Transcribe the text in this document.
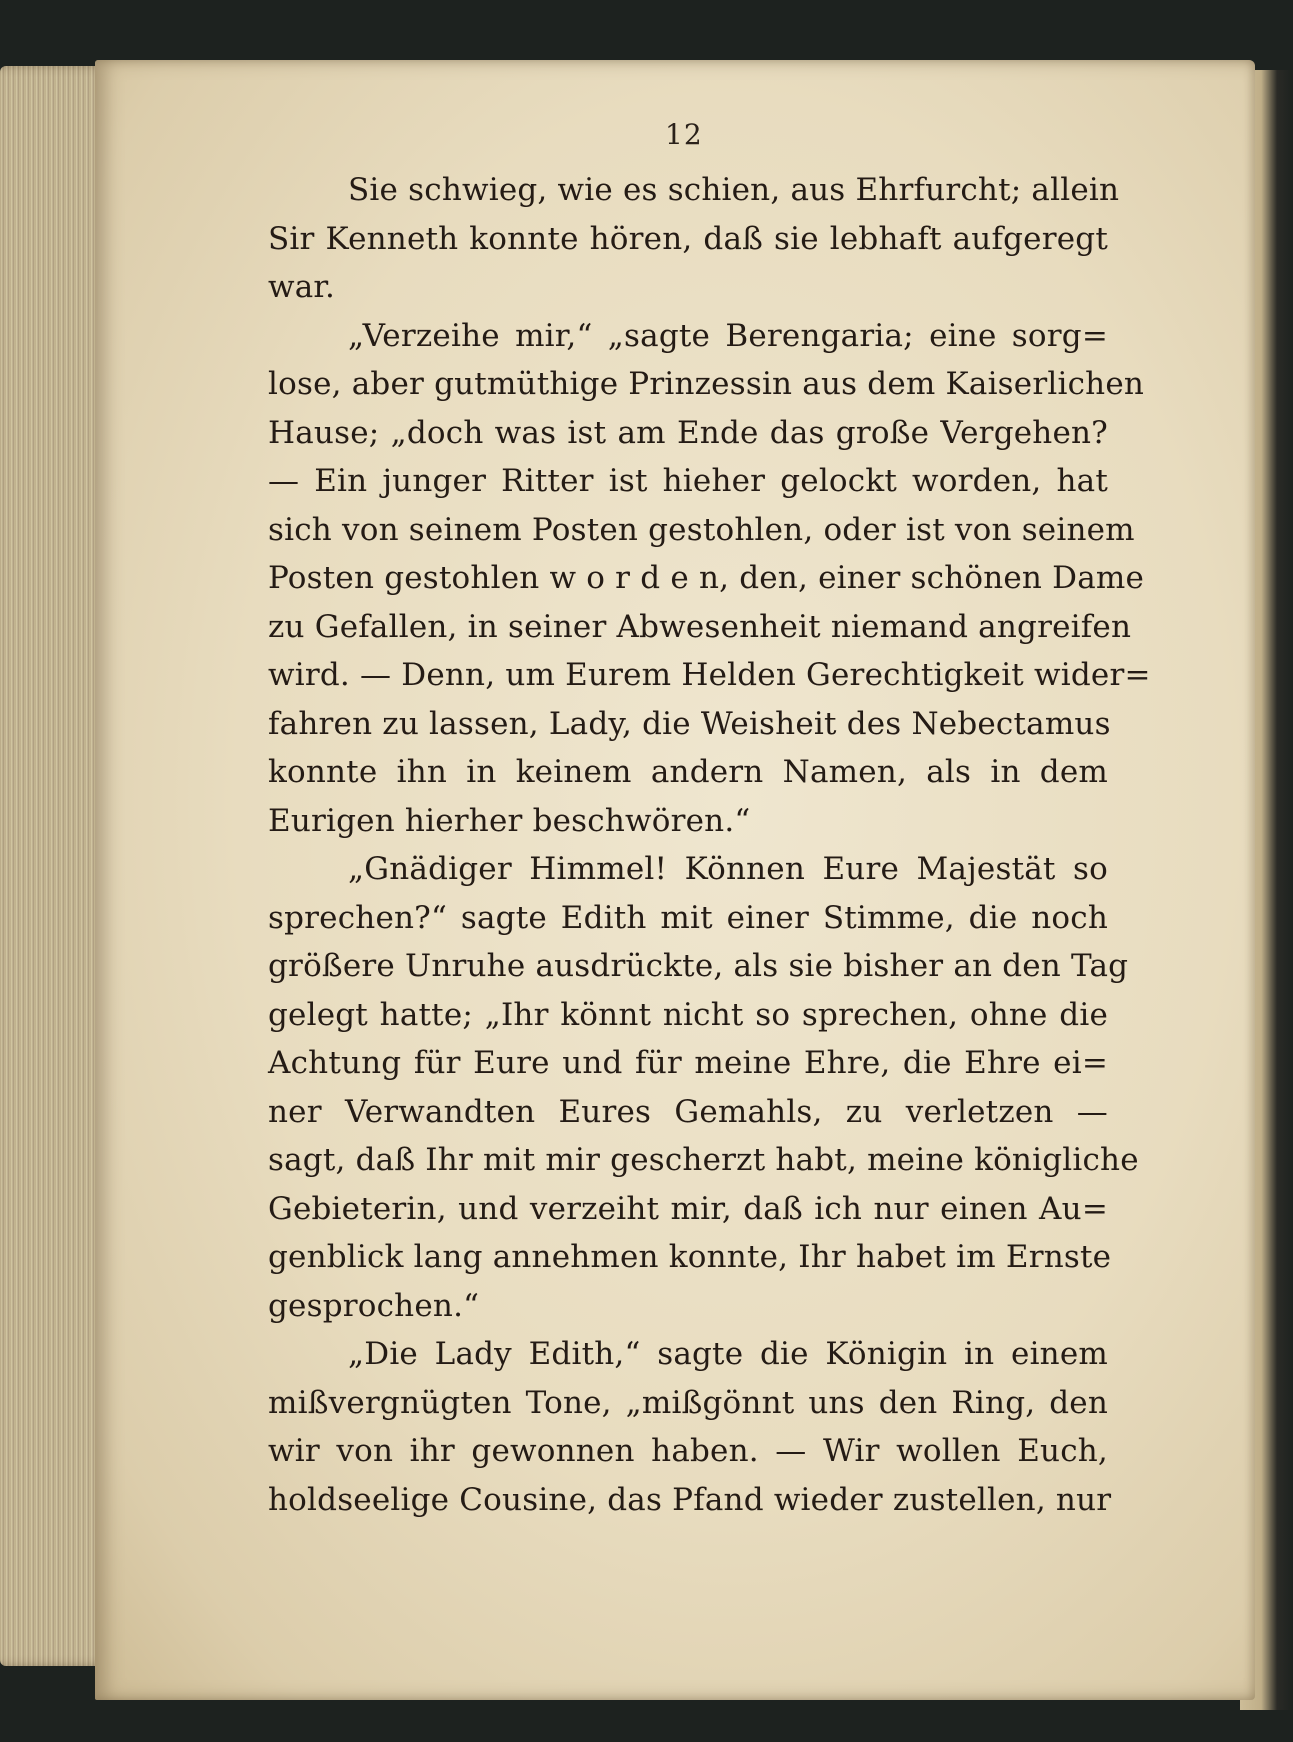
12
Sie schwieg, wie es schien, aus Ehrfurcht; allein
Sir Kenneth konnte hören, daß sie lebhaft aufgeregt
war.
„Verzeihe mir,“ „sagte Berengaria; eine sorg=
lose, aber gutmüthige Prinzessin aus dem Kaiserlichen
Hause; „doch was ist am Ende das große Vergehen?
— Ein junger Ritter ist hieher gelockt worden, hat
sich von seinem Posten gestohlen, oder ist von seinem
Posten gestohlen w o r d e n, den, einer schönen Dame
zu Gefallen, in seiner Abwesenheit niemand angreifen
wird. — Denn, um Eurem Helden Gerechtigkeit wider=
fahren zu lassen, Lady, die Weisheit des Nebectamus
konnte ihn in keinem andern Namen, als in dem
Eurigen hierher beschwören.“
„Gnädiger Himmel! Können Eure Majestät so
sprechen?“ sagte Edith mit einer Stimme, die noch
größere Unruhe ausdrückte, als sie bisher an den Tag
gelegt hatte; „Ihr könnt nicht so sprechen, ohne die
Achtung für Eure und für meine Ehre, die Ehre ei=
ner Verwandten Eures Gemahls, zu verletzen —
sagt, daß Ihr mit mir gescherzt habt, meine königliche
Gebieterin, und verzeiht mir, daß ich nur einen Au=
genblick lang annehmen konnte, Ihr habet im Ernste
gesprochen.“
„Die Lady Edith,“ sagte die Königin in einem
mißvergnügten Tone, „mißgönnt uns den Ring, den
wir von ihr gewonnen haben. — Wir wollen Euch,
holdseelige Cousine, das Pfand wieder zustellen, nur
